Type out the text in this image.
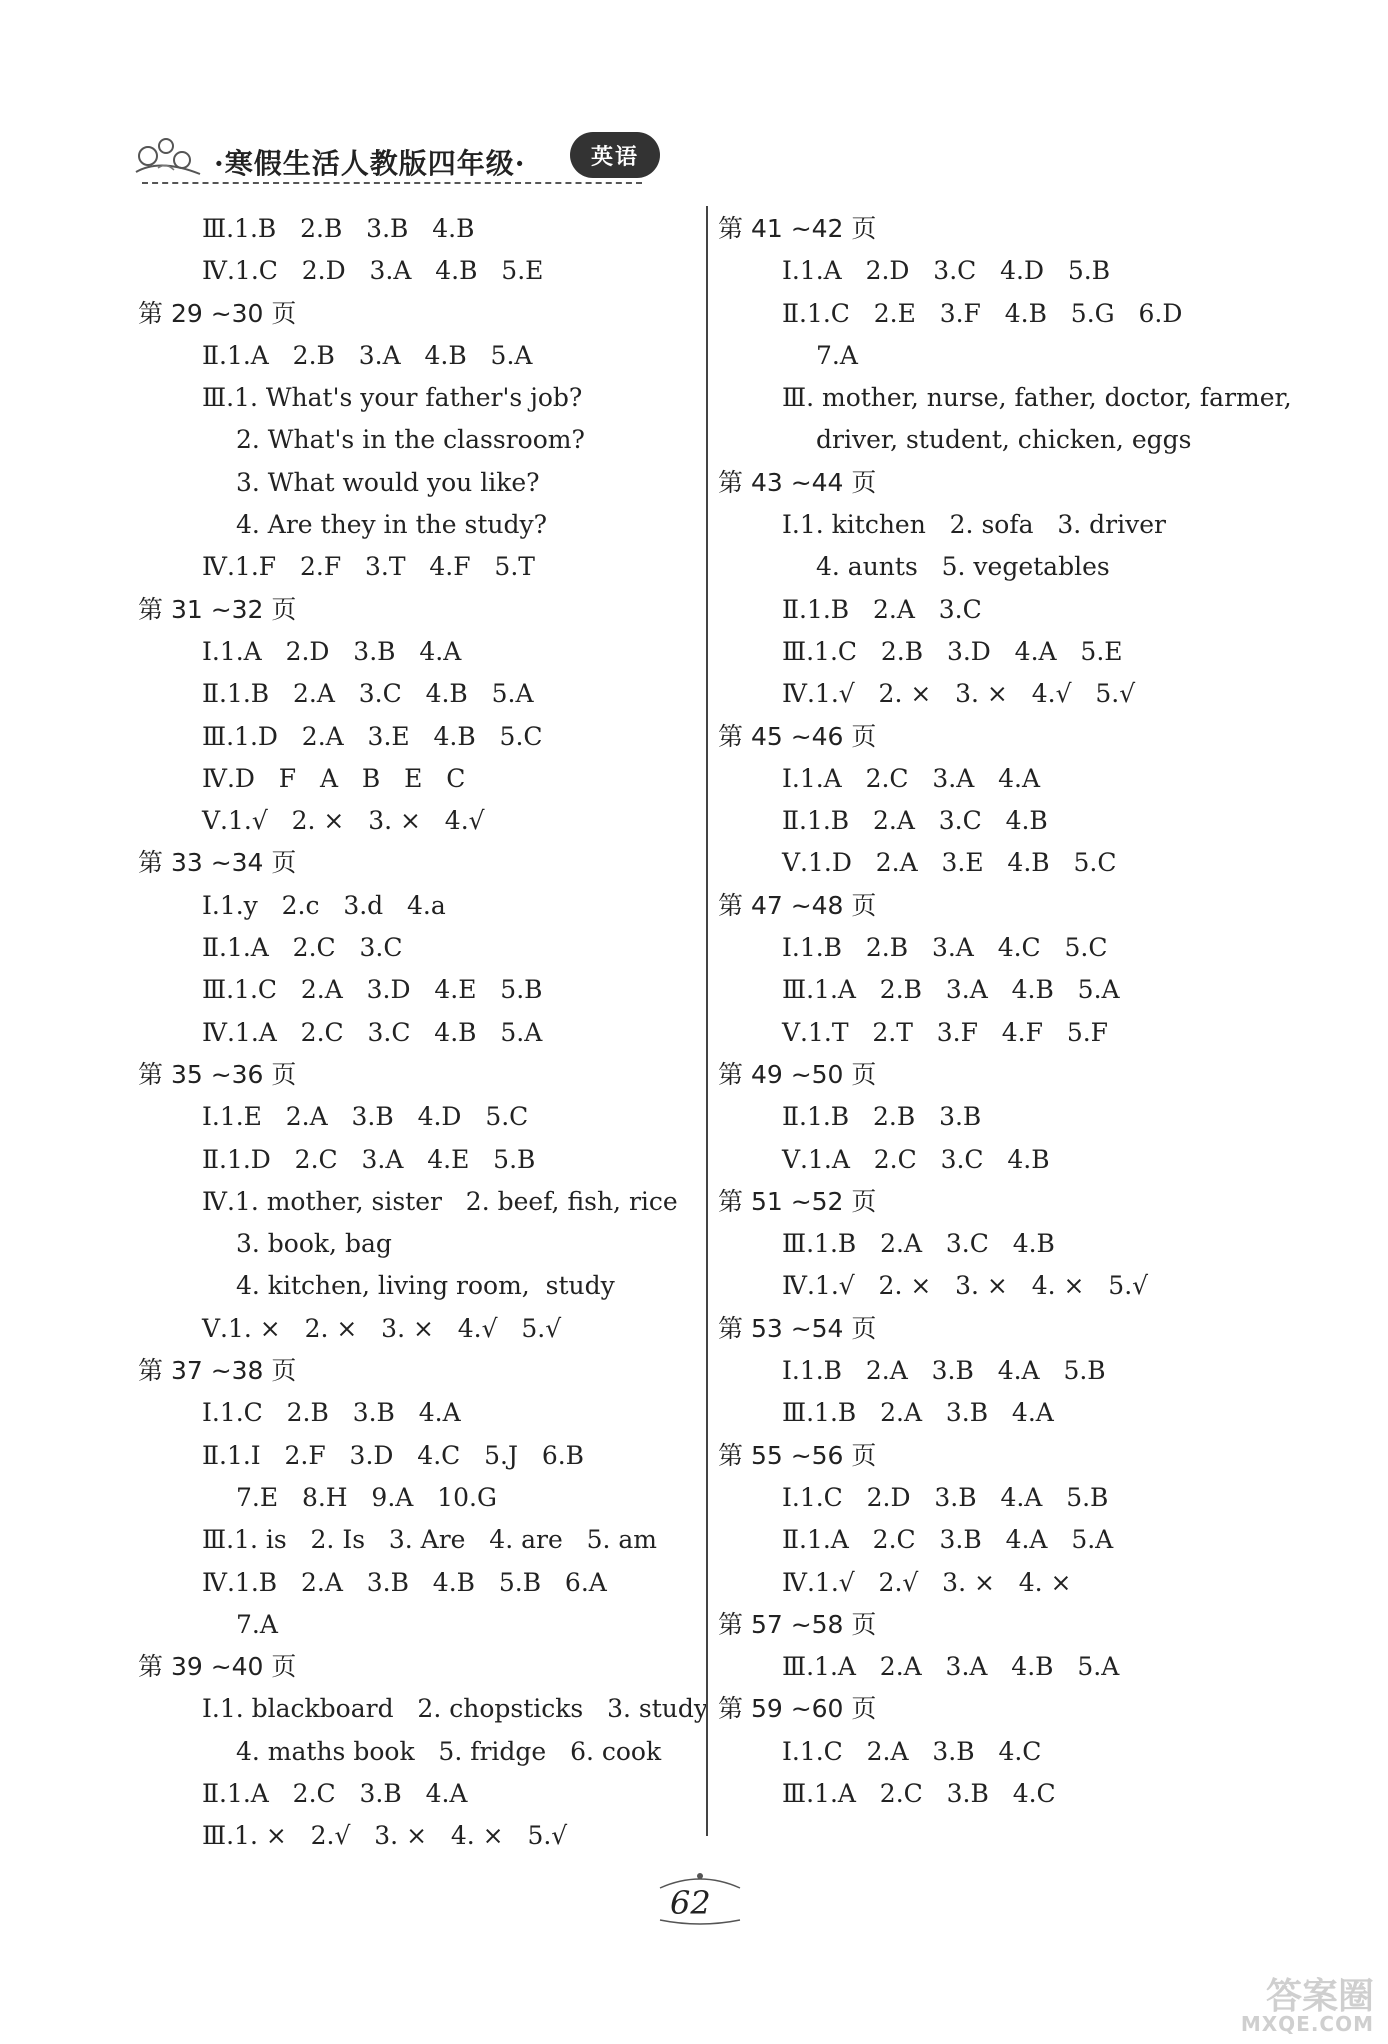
·寒假生活人教版四年级·	英语
Ⅲ.1.B   2.B   3.B   4.B
Ⅳ.1.C   2.D   3.A   4.B   5.E
第 29 ~30 页
Ⅱ.1.A   2.B   3.A   4.B   5.A
Ⅲ.1. What's your father's job?
2. What's in the classroom?
3. What would you like?
4. Are they in the study?
Ⅳ.1.F   2.F   3.T   4.F   5.T
第 31 ~32 页
Ⅰ.1.A   2.D   3.B   4.A
Ⅱ.1.B   2.A   3.C   4.B   5.A
Ⅲ.1.D   2.A   3.E   4.B   5.C
Ⅳ.D   F   A   B   E   C
Ⅴ.1.√   2. ×   3. ×   4.√
第 33 ~34 页
Ⅰ.1.y   2.c   3.d   4.a
Ⅱ.1.A   2.C   3.C
Ⅲ.1.C   2.A   3.D   4.E   5.B
Ⅳ.1.A   2.C   3.C   4.B   5.A
第 35 ~36 页
Ⅰ.1.E   2.A   3.B   4.D   5.C
Ⅱ.1.D   2.C   3.A   4.E   5.B
Ⅳ.1. mother, sister   2. beef, fish, rice
3. book, bag
4. kitchen, living room,  study
Ⅴ.1. ×   2. ×   3. ×   4.√   5.√
第 37 ~38 页
Ⅰ.1.C   2.B   3.B   4.A
Ⅱ.1.I   2.F   3.D   4.C   5.J   6.B
7.E   8.H   9.A   10.G
Ⅲ.1. is   2. Is   3. Are   4. are   5. am
Ⅳ.1.B   2.A   3.B   4.B   5.B   6.A
7.A
第 39 ~40 页
Ⅰ.1. blackboard   2. chopsticks   3. study
4. maths book   5. fridge   6. cook
Ⅱ.1.A   2.C   3.B   4.A
Ⅲ.1. ×   2.√   3. ×   4. ×   5.√
第 41 ~42 页
Ⅰ.1.A   2.D   3.C   4.D   5.B
Ⅱ.1.C   2.E   3.F   4.B   5.G   6.D
7.A
Ⅲ. mother, nurse, father, doctor, farmer,
driver, student, chicken, eggs
第 43 ~44 页
Ⅰ.1. kitchen   2. sofa   3. driver
4. aunts   5. vegetables
Ⅱ.1.B   2.A   3.C
Ⅲ.1.C   2.B   3.D   4.A   5.E
Ⅳ.1.√   2. ×   3. ×   4.√   5.√
第 45 ~46 页
Ⅰ.1.A   2.C   3.A   4.A
Ⅱ.1.B   2.A   3.C   4.B
Ⅴ.1.D   2.A   3.E   4.B   5.C
第 47 ~48 页
Ⅰ.1.B   2.B   3.A   4.C   5.C
Ⅲ.1.A   2.B   3.A   4.B   5.A
Ⅴ.1.T   2.T   3.F   4.F   5.F
第 49 ~50 页
Ⅱ.1.B   2.B   3.B
Ⅴ.1.A   2.C   3.C   4.B
第 51 ~52 页
Ⅲ.1.B   2.A   3.C   4.B
Ⅳ.1.√   2. ×   3. ×   4. ×   5.√
第 53 ~54 页
Ⅰ.1.B   2.A   3.B   4.A   5.B
Ⅲ.1.B   2.A   3.B   4.A
第 55 ~56 页
Ⅰ.1.C   2.D   3.B   4.A   5.B
Ⅱ.1.A   2.C   3.B   4.A   5.A
Ⅳ.1.√   2.√   3. ×   4. ×
第 57 ~58 页
Ⅲ.1.A   2.A   3.A   4.B   5.A
第 59 ~60 页
Ⅰ.1.C   2.A   3.B   4.C
Ⅲ.1.A   2.C   3.B   4.C
62
答案圈
MXQE.COM
